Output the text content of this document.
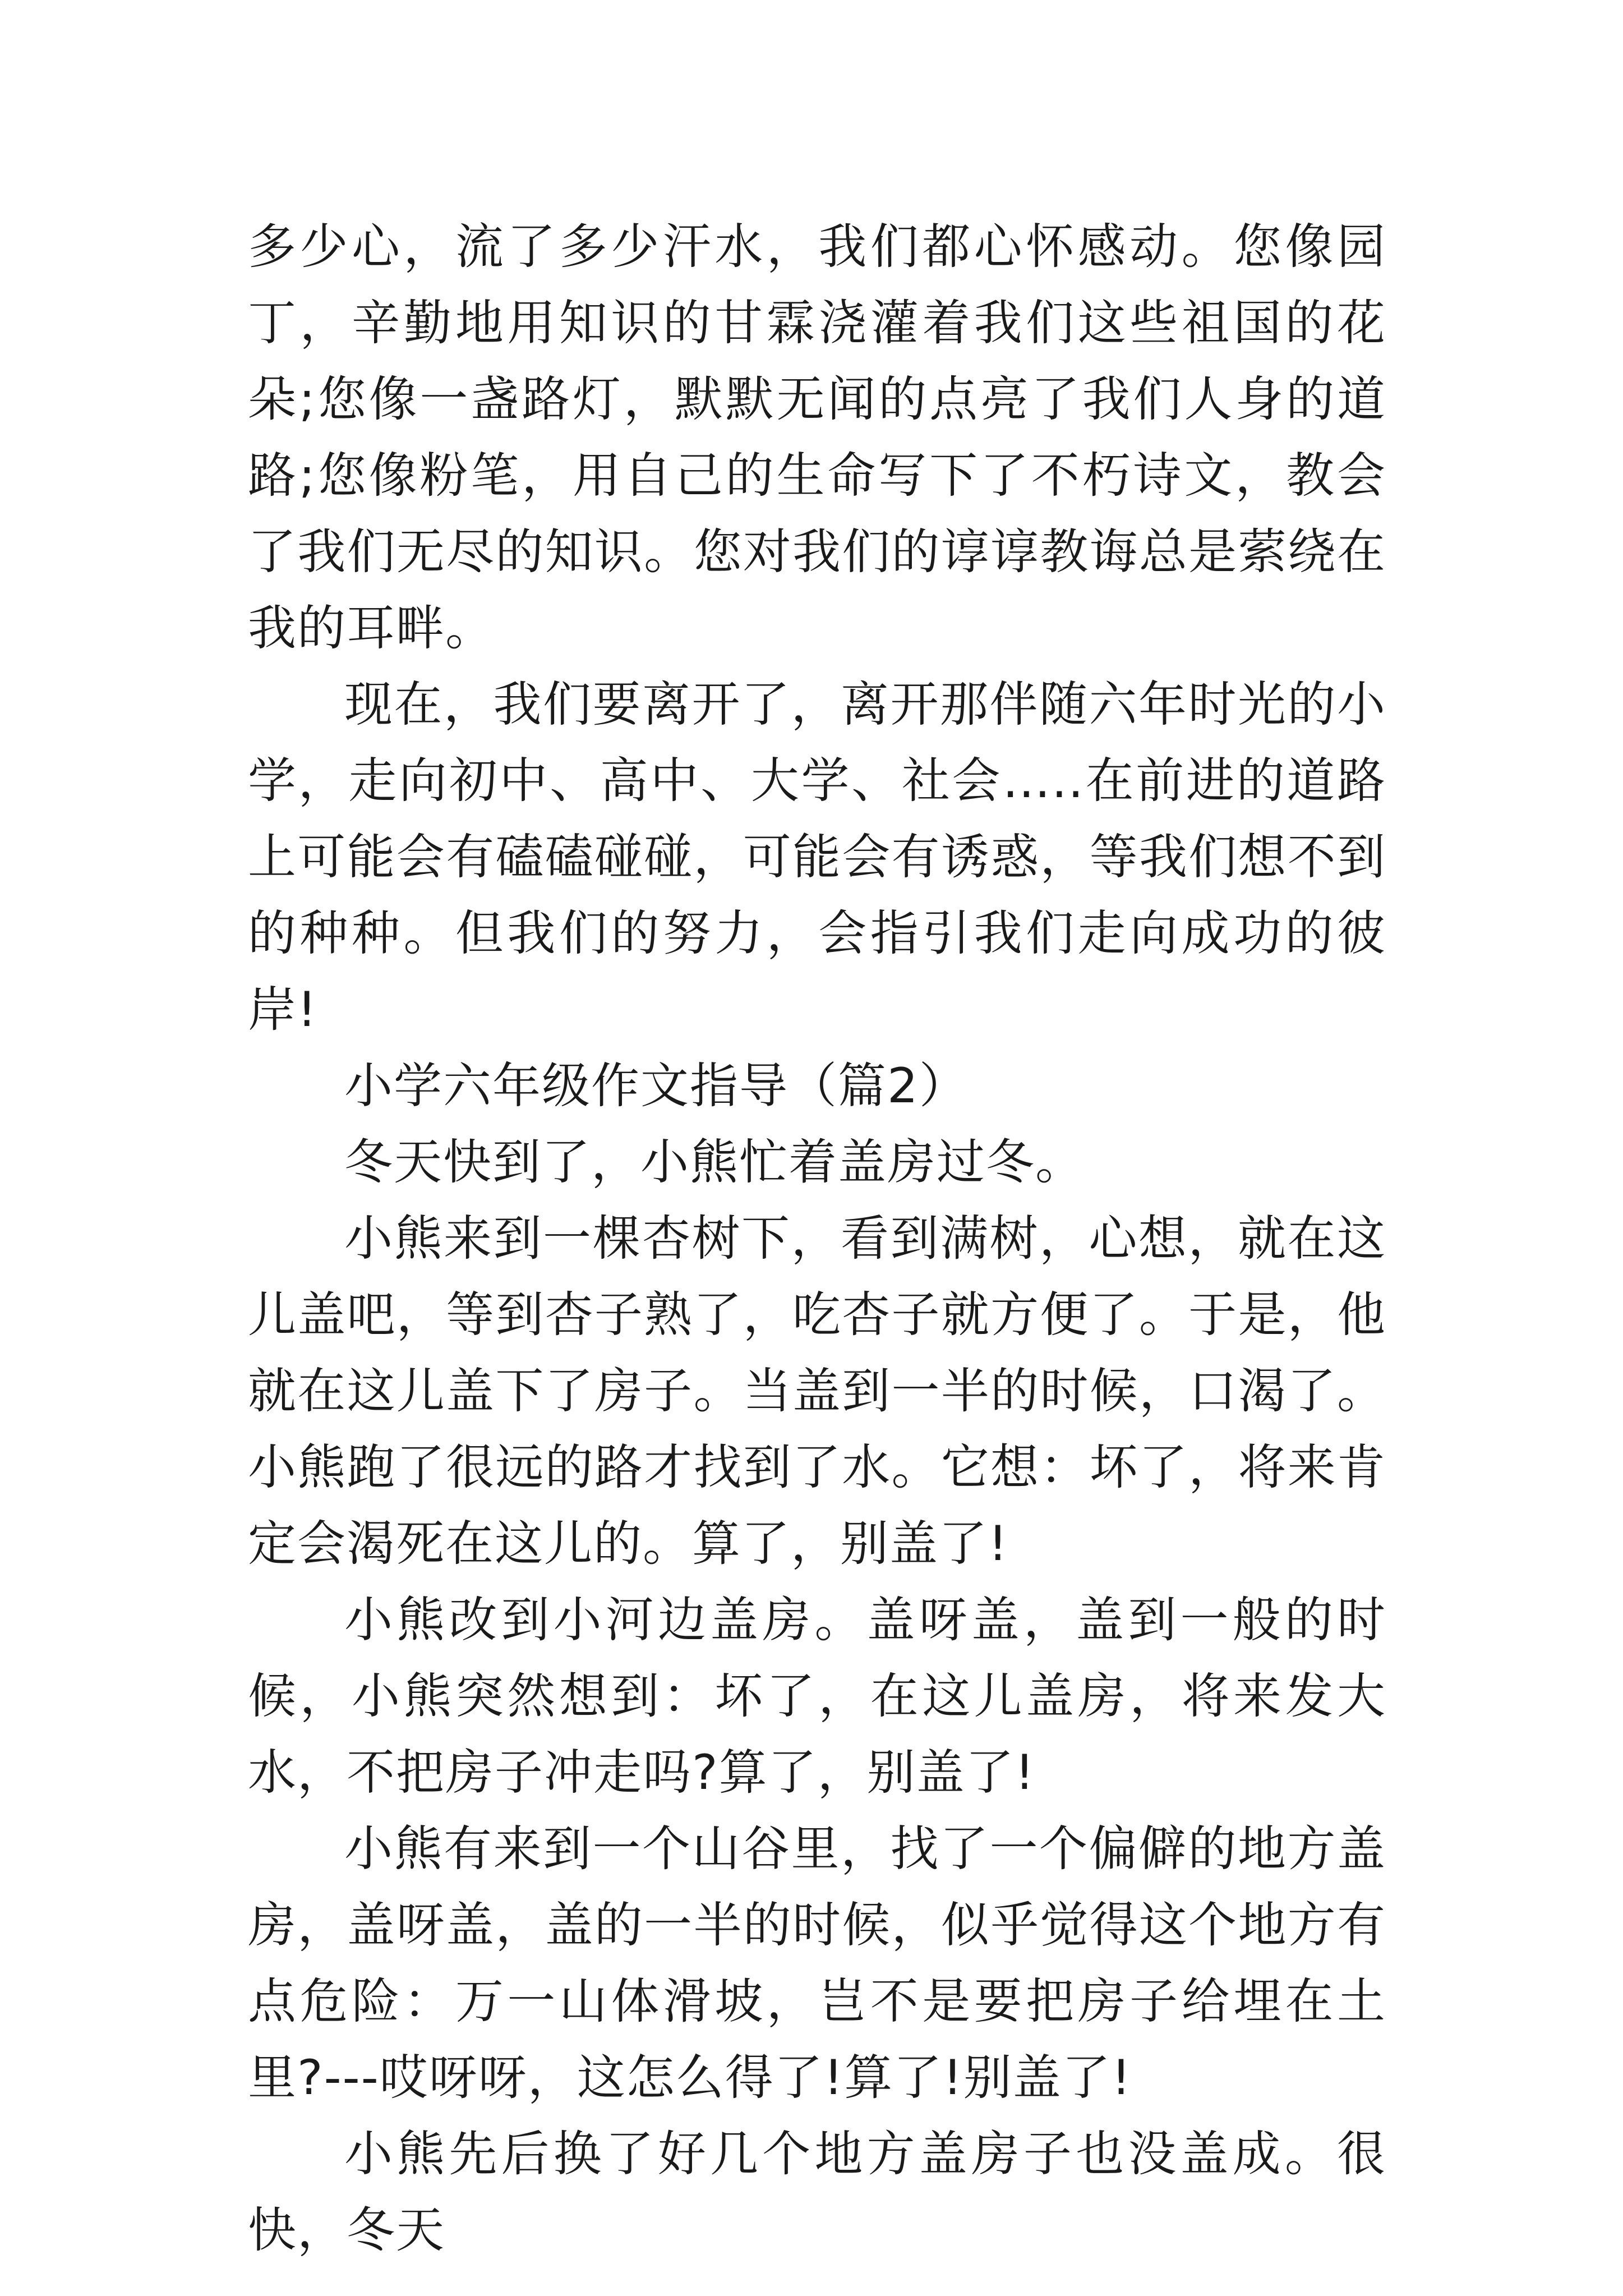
多少心，流了多少汗水，我们都心怀感动。您像园丁，辛勤地用知识的甘霖浇灌着我们这些祖国的花朵;您像一盏路灯，默默无闻的点亮了我们人身的道路;您像粉笔，用自己的生命写下了不朽诗文，教会了我们无尽的知识。您对我们的谆谆教诲总是萦绕在我的耳畔。

现在，我们要离开了，离开那伴随六年时光的小学，走向初中、高中、大学、社会…..在前进的道路上可能会有磕磕碰碰，可能会有诱惑，等我们想不到的种种。但我们的努力，会指引我们走向成功的彼岸!

小学六年级作文指导（篇2）

冬天快到了，小熊忙着盖房过冬。

小熊来到一棵杏树下，看到满树，心想，就在这儿盖吧，等到杏子熟了，吃杏子就方便了。于是，他就在这儿盖下了房子。当盖到一半的时候，口渴了。小熊跑了很远的路才找到了水。它想：坏了，将来肯定会渴死在这儿的。算了，别盖了!

小熊改到小河边盖房。盖呀盖，盖到一般的时候，小熊突然想到：坏了，在这儿盖房，将来发大水，不把房子冲走吗?算了，别盖了!

小熊有来到一个山谷里，找了一个偏僻的地方盖房，盖呀盖，盖的一半的时候，似乎觉得这个地方有点危险：万一山体滑坡，岂不是要把房子给埋在土里?---哎呀呀，这怎么得了!算了!别盖了!

小熊先后换了好几个地方盖房子也没盖成。很快，冬天
